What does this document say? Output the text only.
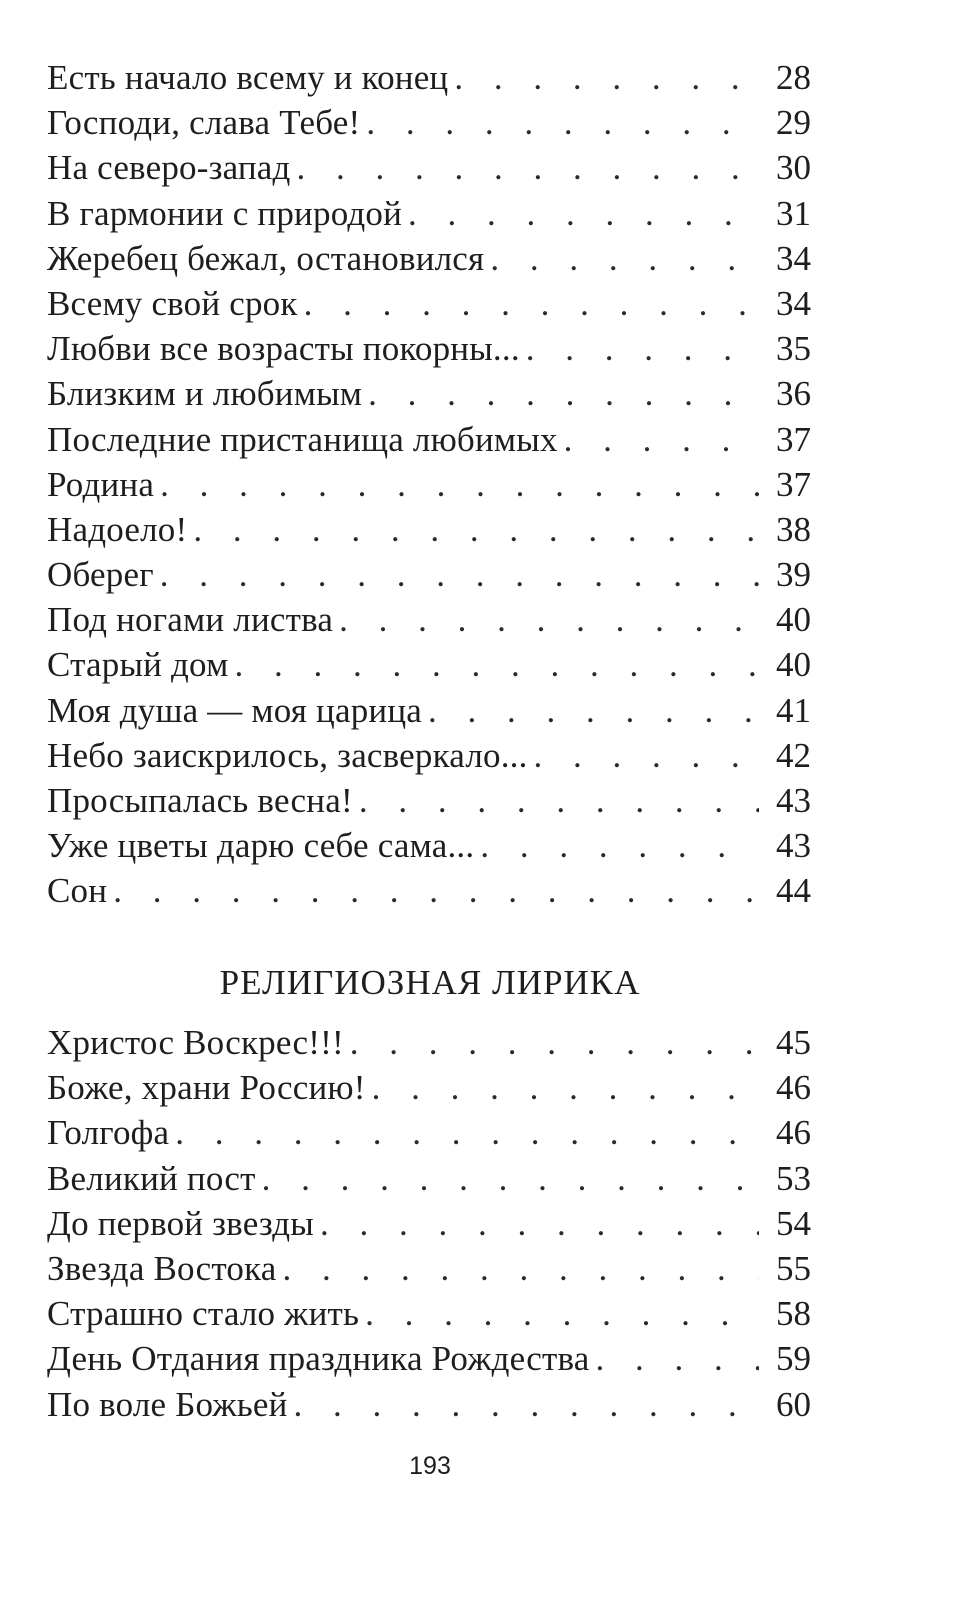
Есть начало всему и конец . . .	28
Господи, слава Тебе! . . .	29
На северо-запад . . .	30
В гармонии с природой . . .	31
Жеребец бежал, остановился . . .	34
Всему свой срок . . .	34
Любви все возрасты покорны... . . .	35
Близким и любимым . . .	36
Последние пристанища любимых . . .	37
Родина . . .	37
Надоело! . . .	38
Оберег . . .	39
Под ногами листва . . .	40
Старый дом . . .	40
Моя душа — моя царица . . .	41
Небо заискрилось, засверкало... . . .	42
Просыпалась весна! . . .	43
Уже цветы дарю себе сама... . . .	43
Сон . . .	44
РЕЛИГИОЗНАЯ ЛИРИКА
Христос Воскрес!!! . . .	45
Боже, храни Россию! . . .	46
Голгофа . . .	46
Великий пост . . .	53
До первой звезды . . .	54
Звезда Востока . . .	55
Страшно стало жить . . .	58
День Отдания праздника Рождества . . .	59
По воле Божьей . . .	60
193
